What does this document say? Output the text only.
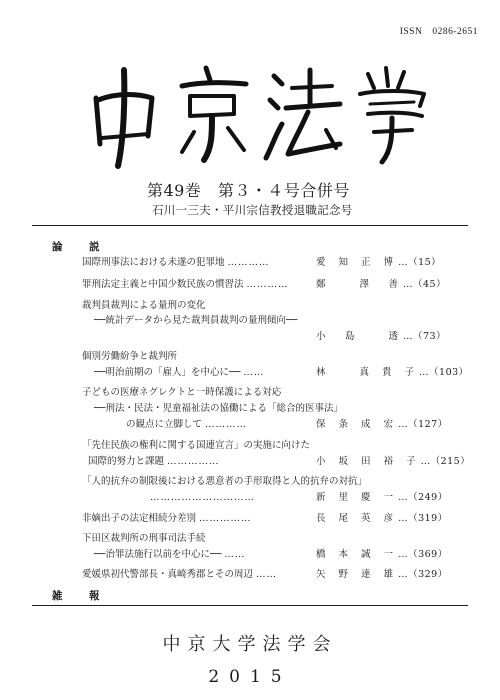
ISSN　0286-2651
第49巻　第３・４号合併号
石川一三夫・平川宗信教授退職記念号
論　説
国際刑事法における未遂の犯罪地 …………	愛 知 正 博…（15）
罪刑法定主義と中国少数民族の慣習法 …………	鄭　　澤　善…（45）
裁判員裁判による量刑の変化
──統計データから見た裁判員裁判の量刑傾向──
小　島　　透…（73）
個別労働紛争と裁判所
──明治前期の「雇人」を中心に── ……	林　　真 貴 子…（103）
子どもの医療ネグレクトと一時保護による対応
──刑法・民法・児童福祉法の協働による「総合的医事法」
の観点に立脚して …………	保 条 成 宏…（127）
「先住民族の権利に関する国連宣言」の実施に向けた
国際的努力と課題 ……………	小 坂 田 裕 子…（215）
「人的抗弁の制限後における悪意者の手形取得と人的抗弁の対抗」
…………………………	新 里 慶 一…（249）
非嫡出子の法定相続分差別 ……………	長 尾 英 彦…（319）
下田区裁判所の刑事司法手続
──治罪法施行以前を中心に── ……	橋 本 誠 一…（369）
愛媛県初代警部長・真崎秀郡とその周辺 ……	矢 野 達 雄…（329）
雑　報
中京大学法学会
2015
